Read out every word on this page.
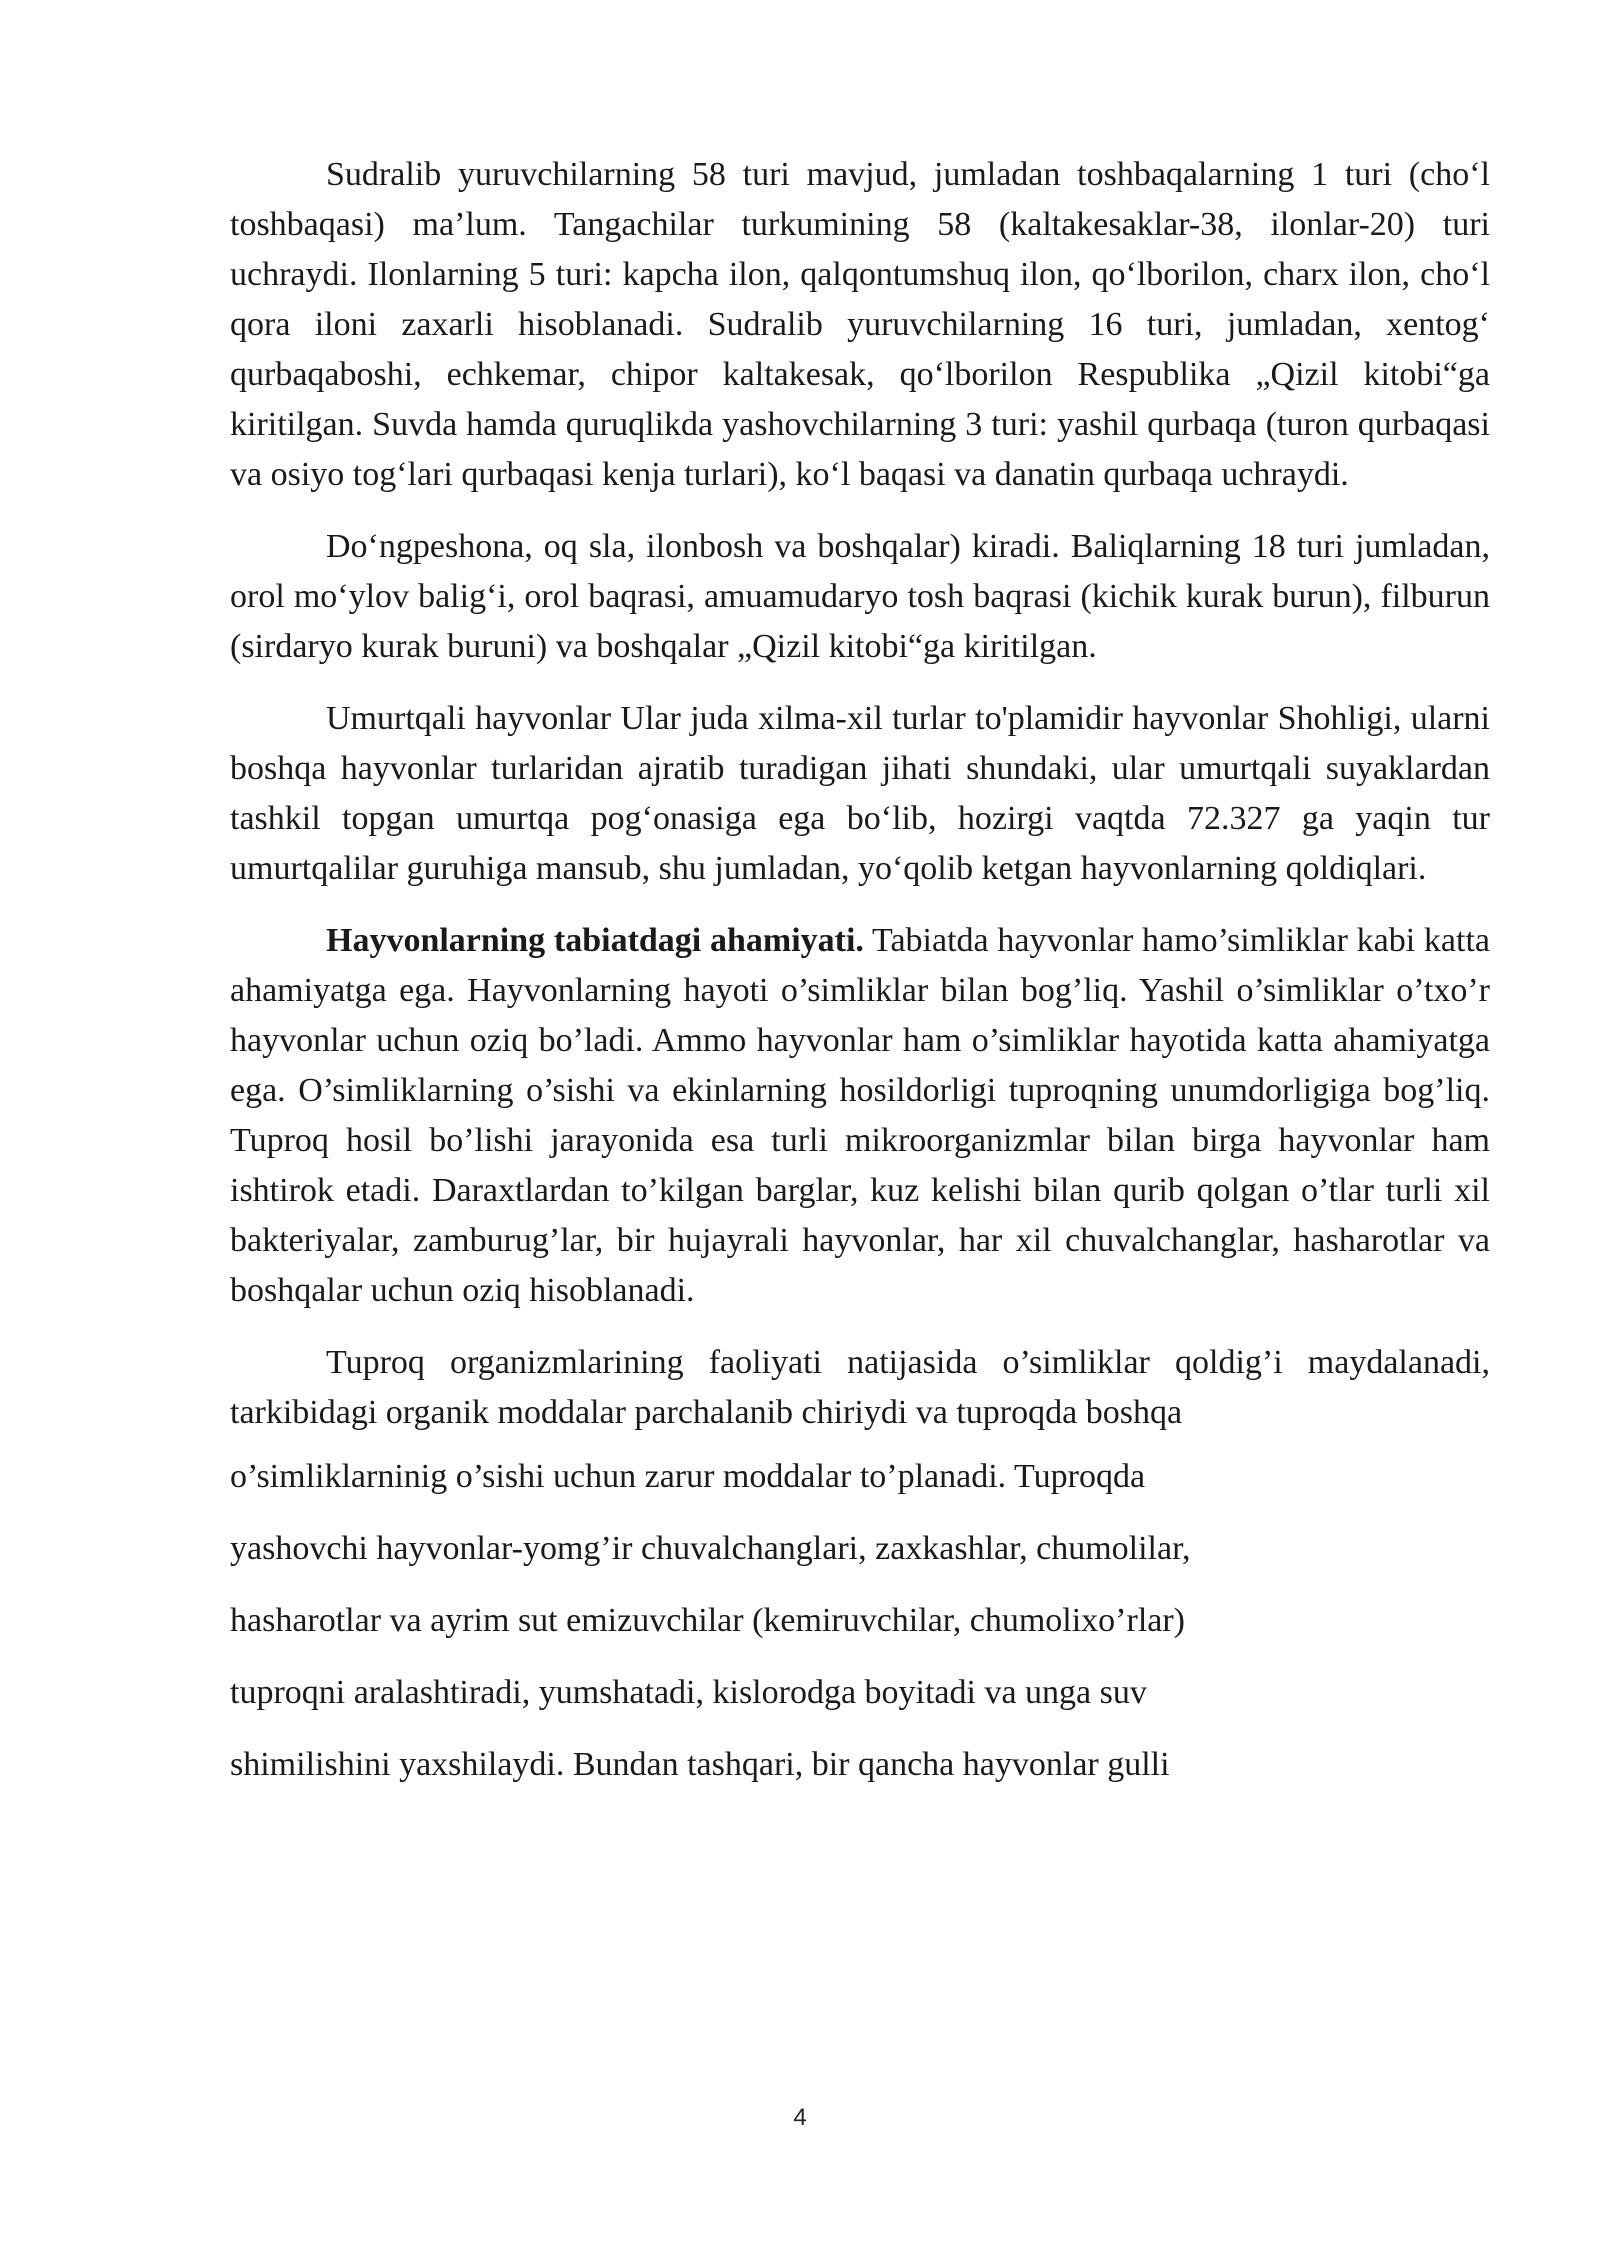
Sudralib yuruvchilarning 58 turi mavjud, jumladan toshbaqalarning 1 turi (cho‘l toshbaqasi) ma’lum. Tangachilar turkumining 58 (kaltakesaklar-38, ilonlar-20) turi uchraydi. Ilonlarning 5 turi: kapcha ilon, qalqontumshuq ilon, qo‘lborilon, charx ilon, cho‘l qora iloni zaxarli hisoblanadi. Sudralib yuruvchilarning 16 turi, jumladan, xentog‘ qurbaqaboshi, echkemar, chipor kaltakesak, qo‘lborilon Respublika „Qizil kitobi“ga kiritilgan. Suvda hamda quruqlikda yashovchilarning 3 turi: yashil qurbaqa (turon qurbaqasi va osiyo tog‘lari qurbaqasi kenja turlari), ko‘l baqasi va danatin qurbaqa uchraydi.

Do‘ngpeshona, oq sla, ilonbosh va boshqalar) kiradi. Baliqlarning 18 turi jumladan, orol mo‘ylov balig‘i, orol baqrasi, amuamudaryo tosh baqrasi (kichik kurak burun), filburun (sirdaryo kurak buruni) va boshqalar „Qizil kitobi“ga kiritilgan.

Umurtqali hayvonlar Ular juda xilma-xil turlar to'plamidir hayvonlar Shohligi, ularni boshqa hayvonlar turlaridan ajratib turadigan jihati shundaki, ular umurtqali suyaklardan tashkil topgan umurtqa pog‘onasiga ega bo‘lib, hozirgi vaqtda 72.327 ga yaqin tur umurtqalilar guruhiga mansub, shu jumladan, yo‘qolib ketgan hayvonlarning qoldiqlari.

Hayvonlarning tabiatdagi ahamiyati. Tabiatda hayvonlar hamo’simliklar kabi katta ahamiyatga ega. Hayvonlarning hayoti o’simliklar bilan bog’liq. Yashil o’simliklar o’txo’r hayvonlar uchun oziq bo’ladi. Ammo hayvonlar ham o’simliklar hayotida katta ahamiyatga ega. O’simliklarning o’sishi va ekinlarning hosildorligi tuproqning unumdorligiga bog’liq. Tuproq hosil bo’lishi jarayonida esa turli mikroorganizmlar bilan birga hayvonlar ham ishtirok etadi. Daraxtlardan to’kilgan barglar, kuz kelishi bilan qurib qolgan o’tlar turli xil bakteriyalar, zamburug’lar, bir hujayrali hayvonlar, har xil chuvalchanglar, hasharotlar va boshqalar uchun oziq hisoblanadi.

Tuproq organizmlarining faoliyati natijasida o’simliklar qoldig’i maydalanadi, tarkibidagi organik moddalar parchalanib chiriydi va tuproqda boshqa

o’simliklarninig o’sishi uchun zarur moddalar to’planadi. Tuproqda
yashovchi hayvonlar-yomg’ir chuvalchanglari, zaxkashlar, chumolilar,
hasharotlar va ayrim sut emizuvchilar (kemiruvchilar, chumolixo’rlar)
tuproqni aralashtiradi, yumshatadi, kislorodga boyitadi va unga suv
shimilishini yaxshilaydi. Bundan tashqari, bir qancha hayvonlar gulli
4
